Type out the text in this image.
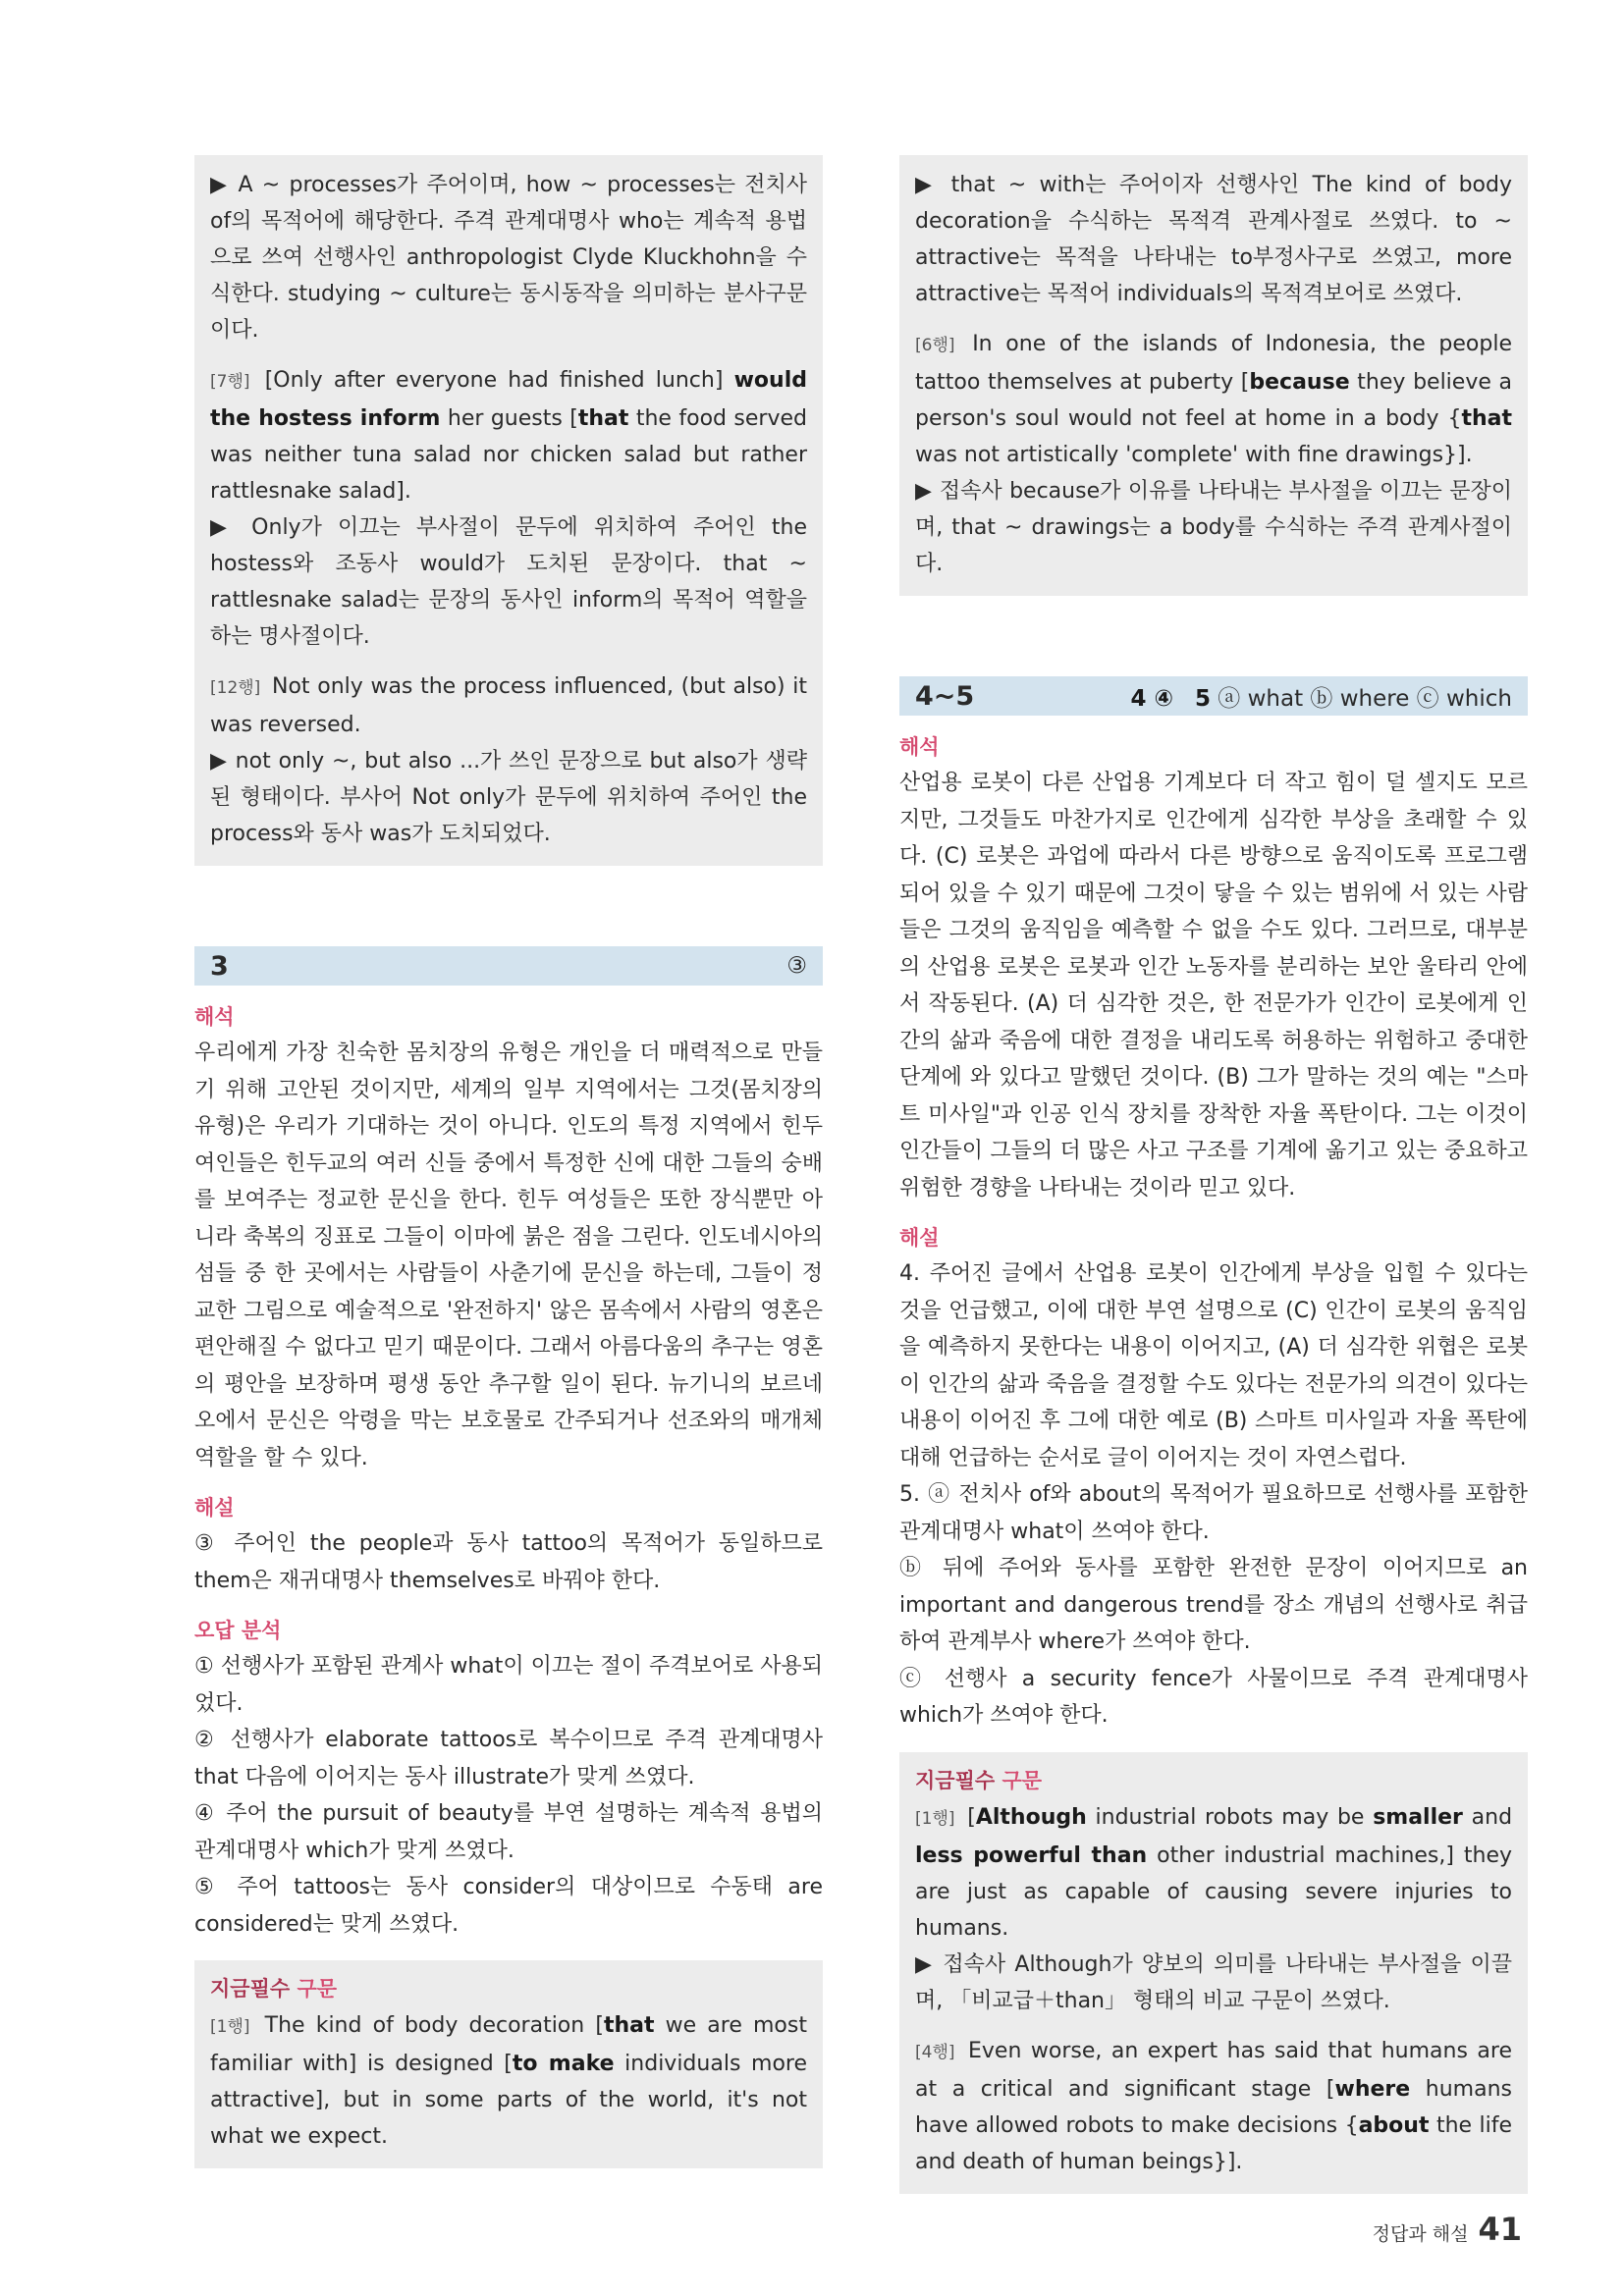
▶ A ~ processes가 주어이며, how ~ processes는 전치사 of의 목적어에 해당한다. 주격 관계대명사 who는 계속적 용법으로 쓰여 선행사인 anthropologist Clyde Kluckhohn을 수식한다. studying ~ culture는 동시동작을 의미하는 분사구문이다.

[7행] [Only after everyone had finished lunch] would the hostess inform her guests [that the food served was neither tuna salad nor chicken salad but rather rattlesnake salad].
▶ Only가 이끄는 부사절이 문두에 위치하여 주어인 the hostess와 조동사 would가 도치된 문장이다. that ~ rattlesnake salad는 문장의 동사인 inform의 목적어 역할을 하는 명사절이다.

[12행] Not only was the process influenced, (but also) it was reversed.
▶ not only ~, but also ...가 쓰인 문장으로 but also가 생략된 형태이다. 부사어 Not only가 문두에 위치하여 주어인 the process와 동사 was가 도치되었다.

3	③
해석

우리에게 가장 친숙한 몸치장의 유형은 개인을 더 매력적으로 만들기 위해 고안된 것이지만, 세계의 일부 지역에서는 그것(몸치장의 유형)은 우리가 기대하는 것이 아니다. 인도의 특정 지역에서 힌두 여인들은 힌두교의 여러 신들 중에서 특정한 신에 대한 그들의 숭배를 보여주는 정교한 문신을 한다. 힌두 여성들은 또한 장식뿐만 아니라 축복의 징표로 그들이 이마에 붉은 점을 그린다. 인도네시아의 섬들 중 한 곳에서는 사람들이 사춘기에 문신을 하는데, 그들이 정교한 그림으로 예술적으로 '완전하지' 않은 몸속에서 사람의 영혼은 편안해질 수 없다고 믿기 때문이다. 그래서 아름다움의 추구는 영혼의 평안을 보장하며 평생 동안 추구할 일이 된다. 뉴기니의 보르네오에서 문신은 악령을 막는 보호물로 간주되거나 선조와의 매개체 역할을 할 수 있다.

해설

③ 주어인 the people과 동사 tattoo의 목적어가 동일하므로 them은 재귀대명사 themselves로 바꿔야 한다.

오답 분석

① 선행사가 포함된 관계사 what이 이끄는 절이 주격보어로 사용되었다.

② 선행사가 elaborate tattoos로 복수이므로 주격 관계대명사 that 다음에 이어지는 동사 illustrate가 맞게 쓰였다.

④ 주어 the pursuit of beauty를 부연 설명하는 계속적 용법의 관계대명사 which가 맞게 쓰였다.

⑤ 주어 tattoos는 동사 consider의 대상이므로 수동태 are considered는 맞게 쓰였다.

지금필수 구문

[1행] The kind of body decoration [that we are most familiar with] is designed [to make individuals more attractive], but in some parts of the world, it's not what we expect.

▶ that ~ with는 주어이자 선행사인 The kind of body decoration을 수식하는 목적격 관계사절로 쓰였다. to ~ attractive는 목적을 나타내는 to부정사구로 쓰였고, more attractive는 목적어 individuals의 목적격보어로 쓰였다.

[6행] In one of the islands of Indonesia, the people tattoo themselves at puberty [because they believe a person's soul would not feel at home in a body {that was not artistically 'complete' with fine drawings}].
▶ 접속사 because가 이유를 나타내는 부사절을 이끄는 문장이며, that ~ drawings는 a body를 수식하는 주격 관계사절이다.

4~5	4 ④ 5 ⓐ what ⓑ where ⓒ which
해석

산업용 로봇이 다른 산업용 기계보다 더 작고 힘이 덜 셀지도 모르지만, 그것들도 마찬가지로 인간에게 심각한 부상을 초래할 수 있다. (C) 로봇은 과업에 따라서 다른 방향으로 움직이도록 프로그램 되어 있을 수 있기 때문에 그것이 닿을 수 있는 범위에 서 있는 사람들은 그것의 움직임을 예측할 수 없을 수도 있다. 그러므로, 대부분의 산업용 로봇은 로봇과 인간 노동자를 분리하는 보안 울타리 안에서 작동된다. (A) 더 심각한 것은, 한 전문가가 인간이 로봇에게 인간의 삶과 죽음에 대한 결정을 내리도록 허용하는 위험하고 중대한 단계에 와 있다고 말했던 것이다. (B) 그가 말하는 것의 예는 "스마트 미사일"과 인공 인식 장치를 장착한 자율 폭탄이다. 그는 이것이 인간들이 그들의 더 많은 사고 구조를 기계에 옮기고 있는 중요하고 위험한 경향을 나타내는 것이라 믿고 있다.

해설

4. 주어진 글에서 산업용 로봇이 인간에게 부상을 입힐 수 있다는 것을 언급했고, 이에 대한 부연 설명으로 (C) 인간이 로봇의 움직임을 예측하지 못한다는 내용이 이어지고, (A) 더 심각한 위협은 로봇이 인간의 삶과 죽음을 결정할 수도 있다는 전문가의 의견이 있다는 내용이 이어진 후 그에 대한 예로 (B) 스마트 미사일과 자율 폭탄에 대해 언급하는 순서로 글이 이어지는 것이 자연스럽다.

5. ⓐ 전치사 of와 about의 목적어가 필요하므로 선행사를 포함한 관계대명사 what이 쓰여야 한다.

ⓑ 뒤에 주어와 동사를 포함한 완전한 문장이 이어지므로 an important and dangerous trend를 장소 개념의 선행사로 취급하여 관계부사 where가 쓰여야 한다.

ⓒ 선행사 a security fence가 사물이므로 주격 관계대명사 which가 쓰여야 한다.

지금필수 구문

[1행] [Although industrial robots may be smaller and less powerful than other industrial machines,] they are just as capable of causing severe injuries to humans.
▶ 접속사 Although가 양보의 의미를 나타내는 부사절을 이끌며, 「비교급＋than」 형태의 비교 구문이 쓰였다.

[4행] Even worse, an expert has said that humans are at a critical and significant stage [where humans have allowed robots to make decisions {about the life and death of human beings}].

정답과 해설 41
